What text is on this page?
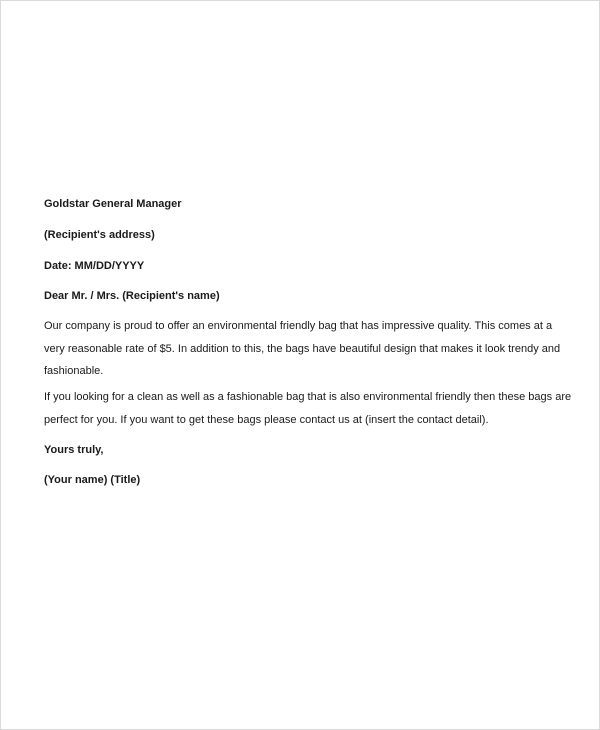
Goldstar General Manager
(Recipient's address)
Date: MM/DD/YYYY
Dear Mr. / Mrs. (Recipient's name)
Our company is proud to offer an environmental friendly bag that has impressive quality. This comes at a
very reasonable rate of $5. In addition to this, the bags have beautiful design that makes it look trendy and
fashionable.
If you looking for a clean as well as a fashionable bag that is also environmental friendly then these bags are
perfect for you. If you want to get these bags please contact us at (insert the contact detail).
Yours truly,
(Your name) (Title)
